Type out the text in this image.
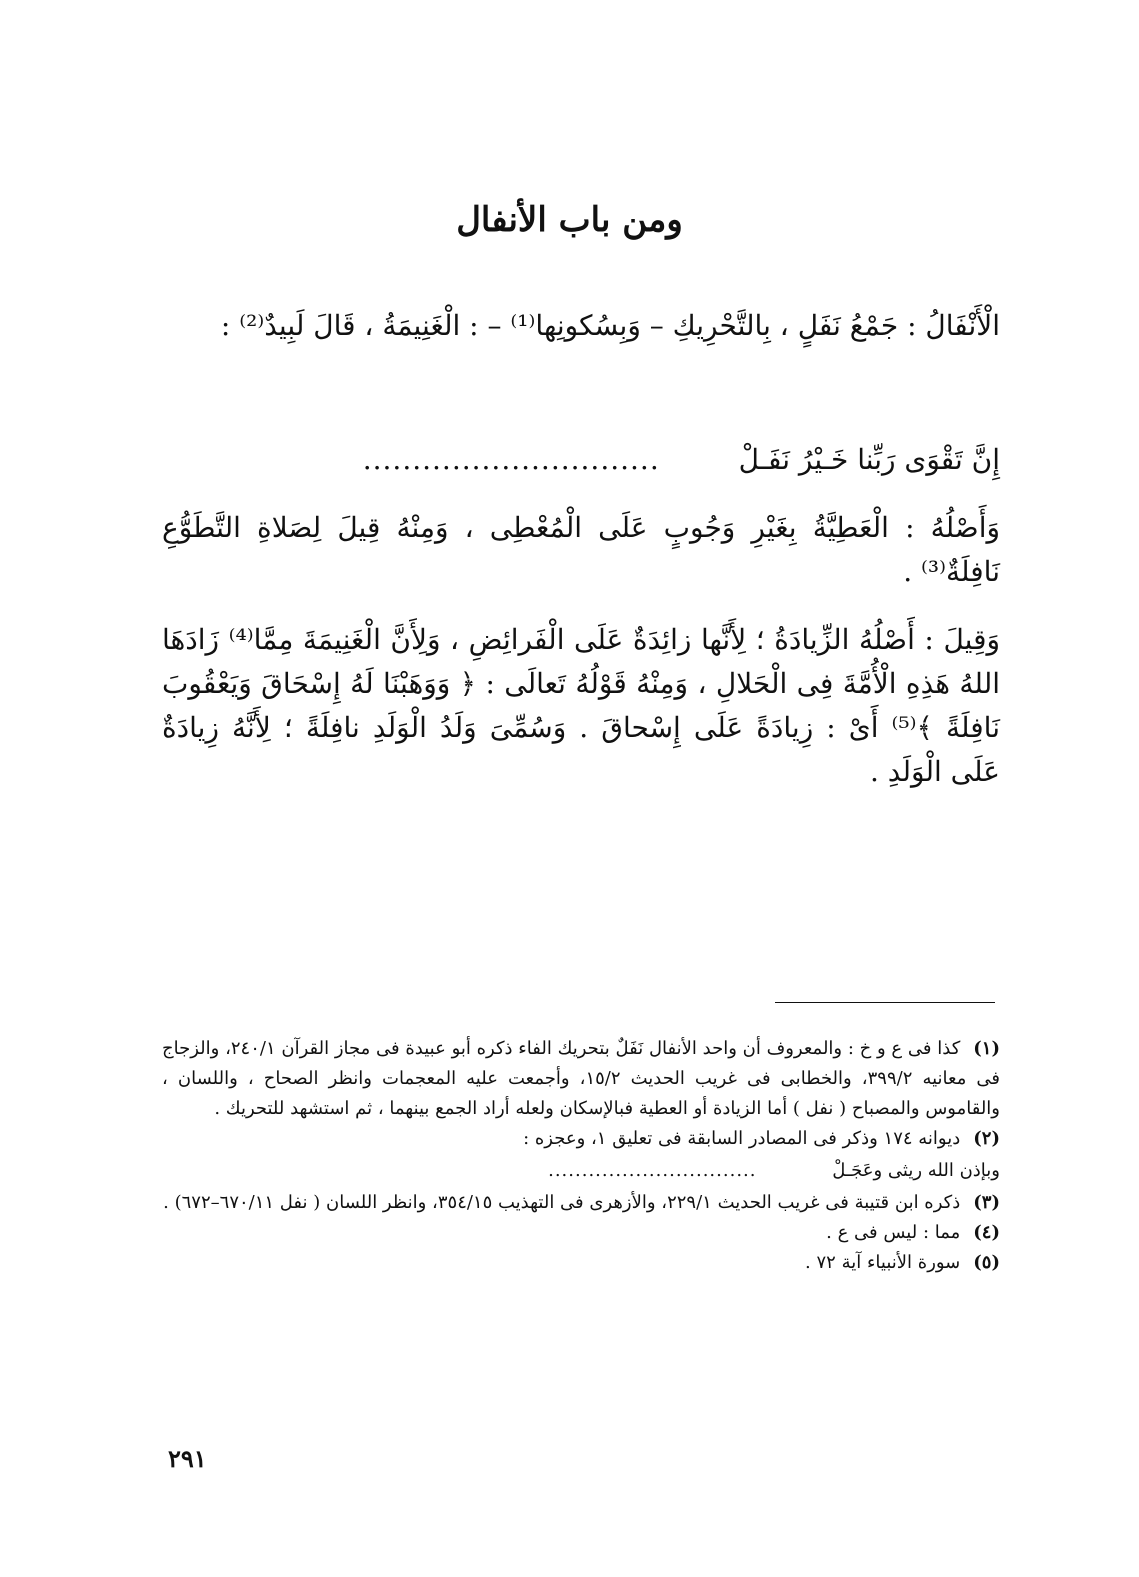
ومن باب الأنفال
الْأَنْفَالُ : جَمْعُ نَفَلٍ ، بِالتَّحْرِيكِ – وَبِسُكونِها⁽¹⁾ – : الْغَنِيمَةُ ، قَالَ لَبِيدٌ⁽²⁾ :
إِنَّ تَقْوَى رَبِّنا خَـيْرُ نَفَـلْ ..............................
وَأَصْلُهُ : الْعَطِيَّةُ بِغَيْرِ وَجُوبٍ عَلَى الْمُعْطِى ، وَمِنْهُ قِيلَ لِصَلاةِ التَّطَوُّعِ نَافِلَةٌ⁽³⁾ .
وَقِيلَ : أَصْلُهُ الزِّيادَةُ ؛ لِأَنَّها زائِدَةٌ عَلَى الْفَرائِضِ ، وَلِأَنَّ الْغَنِيمَةَ مِمَّا⁽⁴⁾ زَادَهَا اللهُ هَذِهِ الْأُمَّةَ فِى الْحَلالِ ، وَمِنْهُ قَوْلُهُ تَعالَى : ﴿ وَوَهَبْنَا لَهُ إِسْحَاقَ وَيَعْقُوبَ نَافِلَةً ﴾⁽⁵⁾ أَىْ : زِيادَةً عَلَى إِسْحاقَ . وَسُمِّىَ وَلَدُ الْوَلَدِ نافِلَةً ؛ لِأَنَّهُ زِيادَةٌ عَلَى الْوَلَدِ .
(١) كذا فى ع و خ : والمعروف أن واحد الأنفال نَفَلٌ بتحريك الفاء ذكره أبو عبيدة فى مجاز القرآن ٢٤٠/١، والزجاج فى معانيه ٣٩٩/٢، والخطابى فى غريب الحديث ١٥/٢، وأجمعت عليه المعجمات وانظر الصحاح ، واللسان ، والقاموس والمصباح ( نفل ) أما الزيادة أو العطية فبالإسكان ولعله أراد الجمع بينهما ، ثم استشهد للتحريك .
(٢) ديوانه ١٧٤ وذكر فى المصادر السابقة فى تعليق ١، وعجزه :
وبإذن الله ريثى وعَجَـلْ ...............................
(٣) ذكره ابن قتيبة فى غريب الحديث ٢٢٩/١، والأزهرى فى التهذيب ٣٥٤/١٥، وانظر اللسان ( نفل ٦٧٠/١١–٦٧٢) .
(٤) مما : ليس فى ع .
(٥) سورة الأنبياء آية ٧٢ .
٢٩١
